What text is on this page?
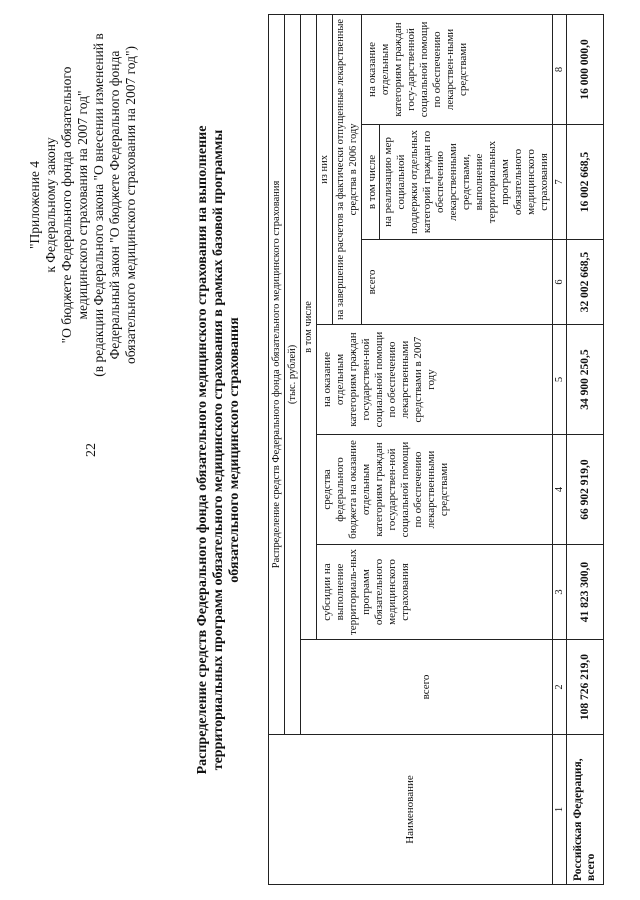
22
"Приложение 4 к Федеральному закону "О бюджете Федерального фонда обязательного медицинского страхования на 2007 год" (в редакции Федерального закона "О внесении изменений в Федеральный закон "О бюджете Федерального фонда обязательного медицинского страхования на 2007 год")	Распределение средств Федерального фонда обязательного медицинского страхования на выполнение территориальных программ обязательного медицинского страхования в рамках базовой программы обязательного медицинского страхования
Наименование	Распределение средств Федерального фонда обязательного медицинского страхования						
	(тыс. рублей)						
	всего	в том числе					
		субсидии на выполнение территориаль-ных программ обязательного медицинского страхования	средства федерального бюджета на оказание отдельным категориям граждан государствен-ной социальной помощи по обеспечению лекарственными средствами	на оказание отдельным категориям граждан государствен-ной социальной помощи по обеспечению лекарственными средствами в 2007 году	из них		
					на завершение расчетов за фактически отпущенные лекарственные средства в 2006 году		
					всего	в том числе на реализацию мер социальной поддержки отдельных категорий граждан по обеспечению лекарственными средствами, выполнение территориальных программ обязательного медицинского страхования	на оказание отдельным категориям граждан госу-дарственной социальной помощи по обеспечению лекарствен-ными средствами
1	2	3	4	5	6	7	8
Российская Федерация, всего	108 726 219,0	41 823 300,0	66 902 919,0	34 900 250,5	32 002 668,5	16 002 668,5	16 000 000,0
